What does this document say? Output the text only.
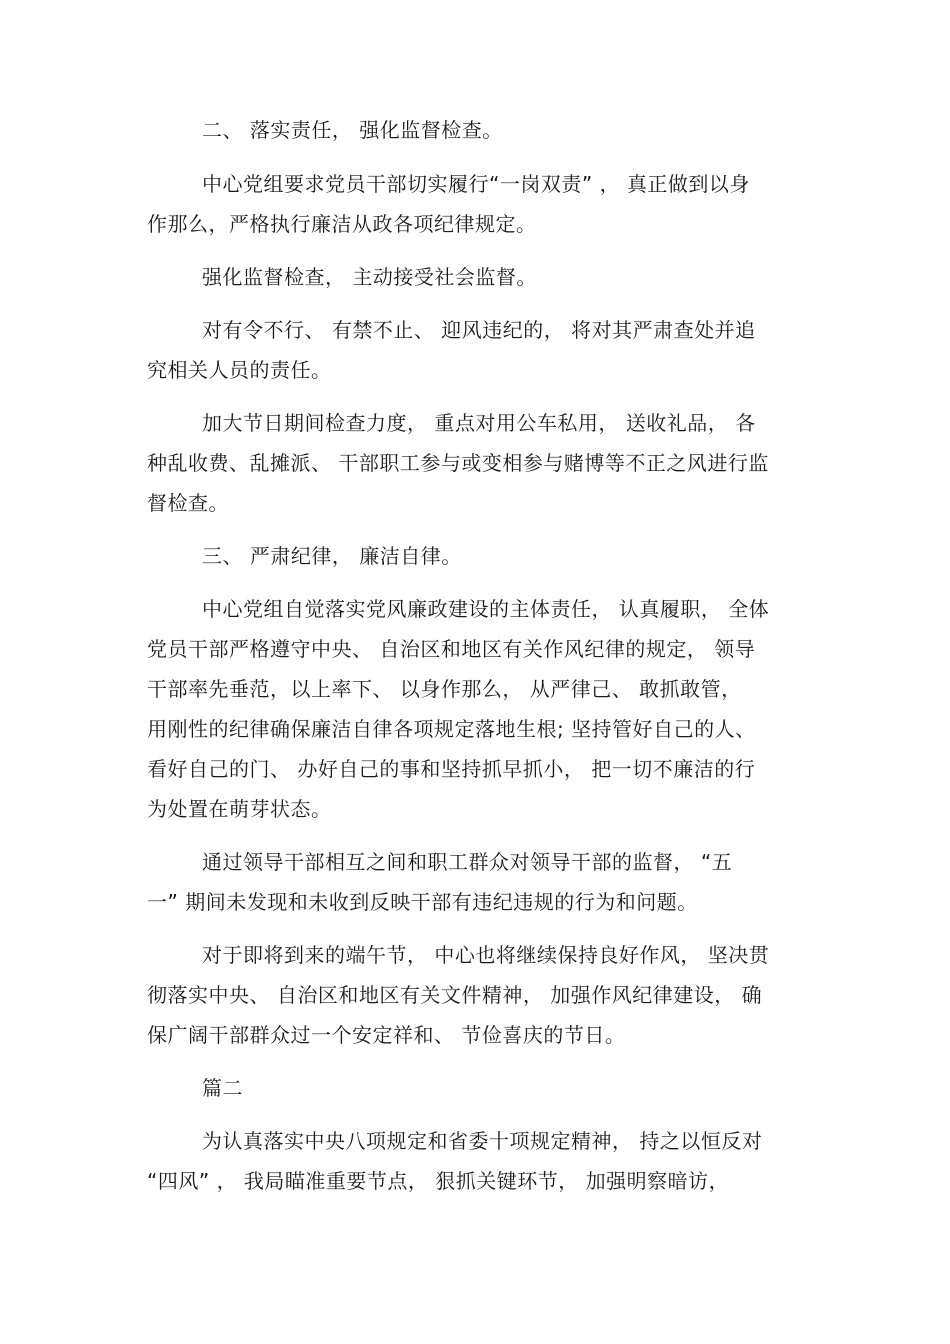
二、 落实责任， 强化监督检查。
中心党组要求党员干部切实履行“一岗双责” ， 真正做到以身
作那么，严格执行廉洁从政各项纪律规定。
强化监督检查， 主动接受社会监督。
对有令不行、 有禁不止、 迎风违纪的， 将对其严肃查处并追
究相关人员的责任。
加大节日期间检查力度， 重点对用公车私用， 送收礼品， 各
种乱收费、乱摊派、 干部职工参与或变相参与赌博等不正之风进行监
督检查。
三、 严肃纪律， 廉洁自律。
中心党组自觉落实党风廉政建设的主体责任， 认真履职， 全体
党员干部严格遵守中央、 自治区和地区有关作风纪律的规定， 领导
干部率先垂范，以上率下、 以身作那么， 从严律己、 敢抓敢管，
用刚性的纪律确保廉洁自律各项规定落地生根; 坚持管好自己的人、
看好自己的门、 办好自己的事和坚持抓早抓小， 把一切不廉洁的行
为处置在萌芽状态。
通过领导干部相互之间和职工群众对领导干部的监督， “五
一” 期间未发现和未收到反映干部有违纪违规的行为和问题。
对于即将到来的端午节， 中心也将继续保持良好作风， 坚决贯
彻落实中央、 自治区和地区有关文件精神， 加强作风纪律建设， 确
保广阔干部群众过一个安定祥和、 节俭喜庆的节日。
篇二
为认真落实中央八项规定和省委十项规定精神， 持之以恒反对
“四风” ， 我局瞄准重要节点， 狠抓关键环节， 加强明察暗访，
